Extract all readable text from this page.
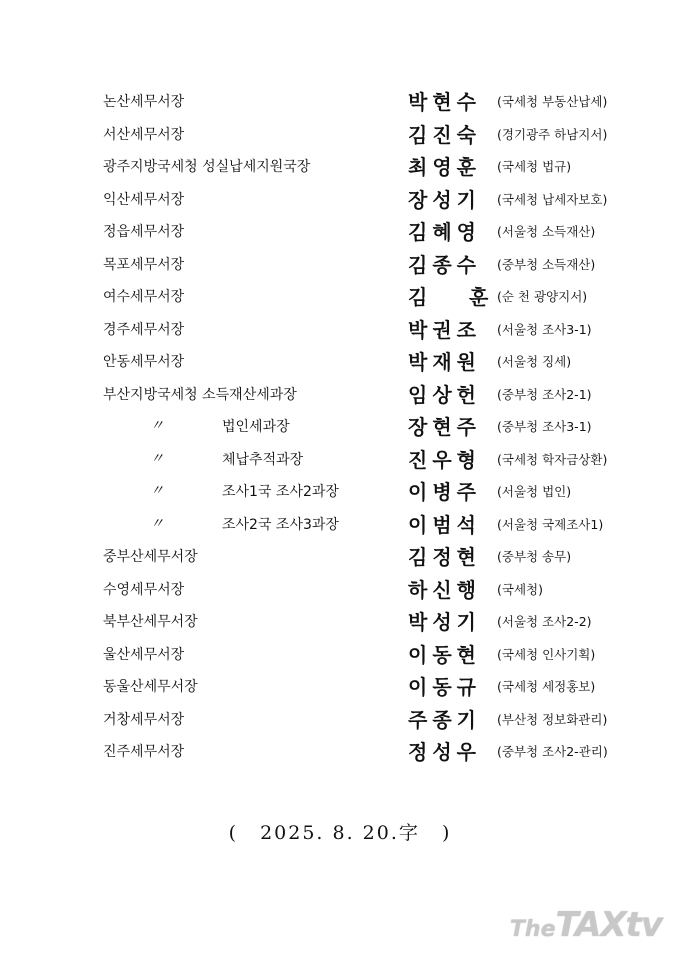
논산세무서장	박현수	(국세청 부동산납세)
서산세무서장	김진숙	(경기광주 하남지서)
광주지방국세청 성실납세지원국장	최영훈	(국세청 법규)
익산세무서장	장성기	(국세청 납세자보호)
정읍세무서장	김혜영	(서울청 소득재산)
목포세무서장	김종수	(중부청 소득재산)
여수세무서장	김 훈 (순 천 광양지서)
경주세무서장	박권조	(서울청 조사3-1)
안동세무서장	박재원	(서울청 징세)
부산지방국세청 소득재산세과장	임상헌	(중부청 조사2-1)
〃	법인세과장	장현주	(중부청 조사3-1)
〃	체납추적과장	진우형	(국세청 학자금상환)
〃	조사1국 조사2과장	이병주	(서울청 법인)
〃	조사2국 조사3과장	이범석	(서울청 국제조사1)
중부산세무서장	김정현	(중부청 송무)
수영세무서장	하신행	(국세청)
북부산세무서장	박성기	(서울청 조사2-2)
울산세무서장	이동현	(국세청 인사기획)
동울산세무서장	이동규	(국세청 세정홍보)
거창세무서장	주종기	(부산청 정보화관리)
진주세무서장	정성우	(중부청 조사2-관리)
( 2025. 8. 20.字 )
TheTAXtv
